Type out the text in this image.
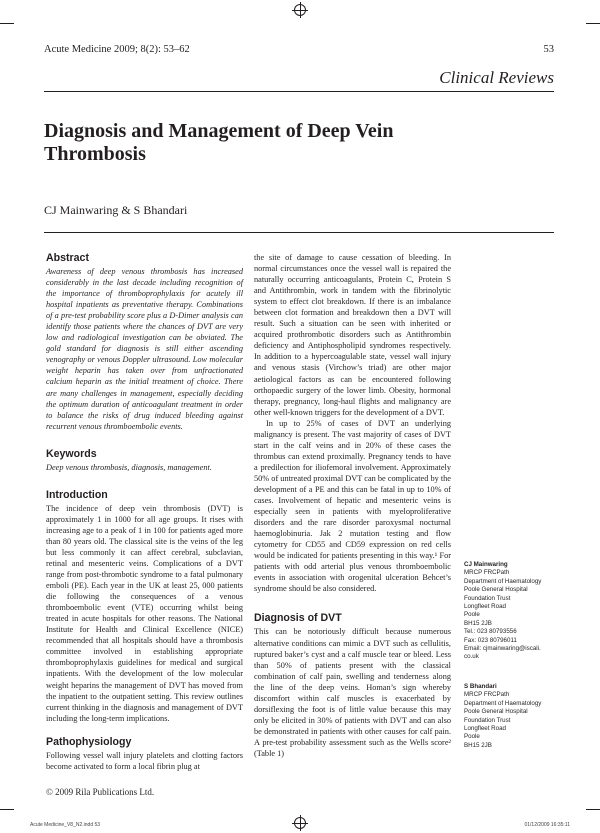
Acute Medicine 2009; 8(2): 53–62	53
Clinical Reviews
Diagnosis and Management of Deep Vein
Thrombosis
CJ Mainwaring & S Bhandari
Abstract
Awareness of deep venous thrombosis has increased considerably in the last decade including recognition of the importance of thromboprophylaxis for acutely ill hospital inpatients as preventative therapy. Combinations of a pre-test probability score plus a D-Dimer analysis can identify those patients where the chances of DVT are very low and radiological investigation can be obviated. The gold standard for diagnosis is still either ascending venography or venous Doppler ultrasound. Low molecular weight heparin has taken over from unfractionated calcium heparin as the initial treatment of choice. There are many challenges in management, especially deciding the optimum duration of anticoagulant treatment in order to balance the risks of drug induced bleeding against recurrent venous thromboembolic events.
Keywords
Deep venous thrombosis, diagnosis, management.
Introduction
The incidence of deep vein thrombosis (DVT) is approximately 1 in 1000 for all age groups. It rises with increasing age to a peak of 1 in 100 for patients aged more than 80 years old. The classical site is the veins of the leg but less commonly it can affect cerebral, subclavian, retinal and mesenteric veins. Complications of a DVT range from post-thrombotic syndrome to a fatal pulmonary emboli (PE). Each year in the UK at least 25, 000 patients die following the consequences of a venous thromboembolic event (VTE) occurring whilst being treated in acute hospitals for other reasons. The National Institute for Health and Clinical Excellence (NICE) recommended that all hospitals should have a thrombosis committee involved in establishing appropriate thromboprophylaxis guidelines for medical and surgical inpatients. With the development of the low molecular weight heparins the management of DVT has moved from the inpatient to the outpatient setting. This review outlines current thinking in the diagnosis and management of DVT including the long-term implications.
Pathophysiology
Following vessel wall injury platelets and clotting factors become activated to form a local fibrin plug at
© 2009 Rila Publications Ltd.
the site of damage to cause cessation of bleeding. In normal circumstances once the vessel wall is repaired the naturally occurring anticoagulants, Protein C, Protein S and Antithrombin, work in tandem with the fibrinolytic system to effect clot breakdown. If there is an imbalance between clot formation and breakdown then a DVT will result. Such a situation can be seen with inherited or acquired prothrombotic disorders such as Antithrombin deficiency and Antiphospholipid syndromes respectively. In addition to a hypercoagulable state, vessel wall injury and venous stasis (Virchow’s triad) are other major aetiological factors as can be encountered following orthopaedic surgery of the lower limb. Obesity, hormonal therapy, pregnancy, long-haul flights and malignancy are other well-known triggers for the development of a DVT.
In up to 25% of cases of DVT an underlying malignancy is present. The vast majority of cases of DVT start in the calf veins and in 20% of these cases the thrombus can extend proximally. Pregnancy tends to have a predilection for iliofemoral involvement. Approximately 50% of untreated proximal DVT can be complicated by the development of a PE and this can be fatal in up to 10% of cases. Involvement of hepatic and mesenteric veins is especially seen in patients with myeloproliferative disorders and the rare disorder paroxysmal nocturnal haemoglobinuria. Jak 2 mutation testing and flow cytometry for CD55 and CD59 expression on red cells would be indicated for patients presenting in this way.¹ For patients with odd arterial plus venous thromboembolic events in association with orogenital ulceration Behcet’s syndrome should be also considered.
Diagnosis of DVT
This can be notoriously difficult because numerous alternative conditions can mimic a DVT such as cellulitis, ruptured baker’s cyst and a calf muscle tear or bleed. Less than 50% of patients present with the classical combination of calf pain, swelling and tenderness along the line of the deep veins. Homan’s sign whereby discomfort within calf muscles is exacerbated by dorsiflexing the foot is of little value because this may only be elicited in 30% of patients with DVT and can also be demonstrated in patients with other causes for calf pain. A pre-test probability assessment such as the Wells score² (Table 1)
CJ Mainwaring
MRCP FRCPath
Department of Haematology
Poole General Hospital
Foundation Trust
Longfleet Road
Poole
BH15 2JB
Tel.: 023 80793556
Fax: 023 80796011
Email: cjmainwaring@iscali.
co.uk
S Bhandari
MRCP FRCPath
Department of Haematology
Poole General Hospital
Foundation Trust
Longfleet Road
Poole
BH15 2JB
Acute Medicine_V8_N2.indd 53	01/12/2009 16:35:11
